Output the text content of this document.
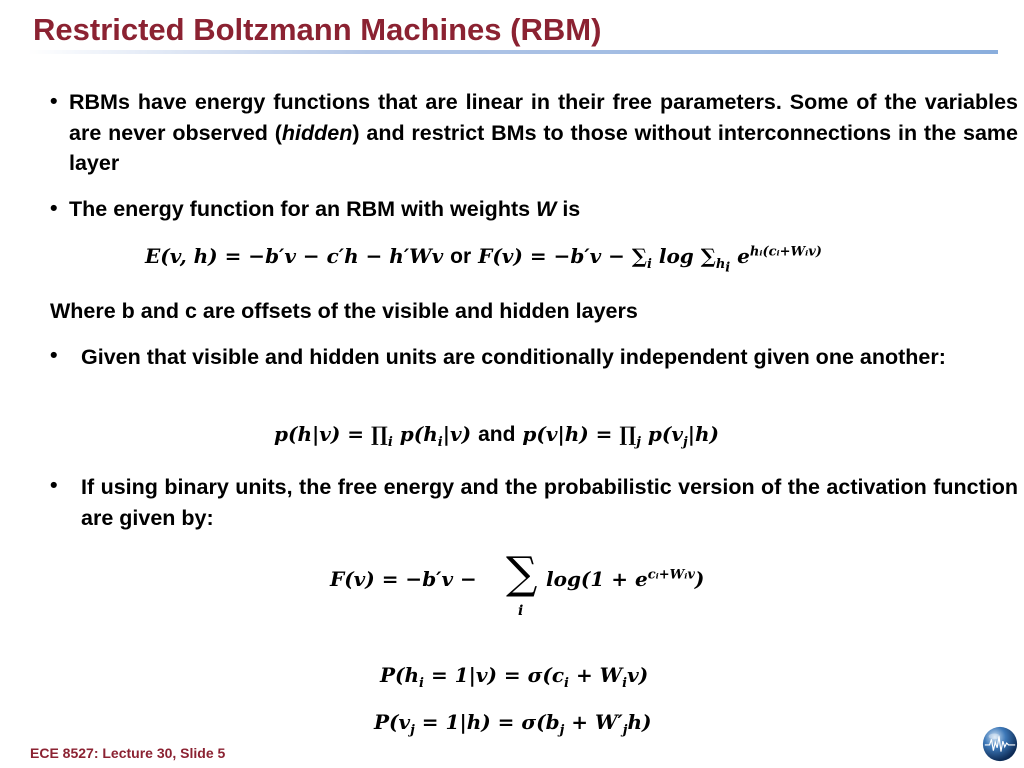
Restricted Boltzmann Machines (RBM)
• RBMs have energy functions that are linear in their free parameters. Some of the variables are never observed (hidden) and restrict BMs to those without interconnections in the same layer
• The energy function for an RBM with weights W is
E(v, h) = −b′v − c′h − h′Wv or $F(v) = -b'v - \sum_i$ $\log \sum_{h_i}$ $e^{hᵢ(cᵢ+Wᵢv)}$
Where b and c are offsets of the visible and hidden layers
• Given that visible and hidden units are conditionally independent given one another:
$p(h|v) = \prod_i$ $p(h_i|v)$ and $p(v|h) = \prod_j$ $p(v_j|h)$
• If using binary units, the free energy and the probabilistic version of the activation function are given by:
F(v) = −b′v − ∑
i
$\log(1 + e^{cᵢ+Wᵢv})$
$P(h_i = 1|v) = \sigma(c_i + W_iv)$
$P(v_j = 1|h) = \sigma(b_j + W'_jh)$
ECE 8527: Lecture 30, Slide 5
